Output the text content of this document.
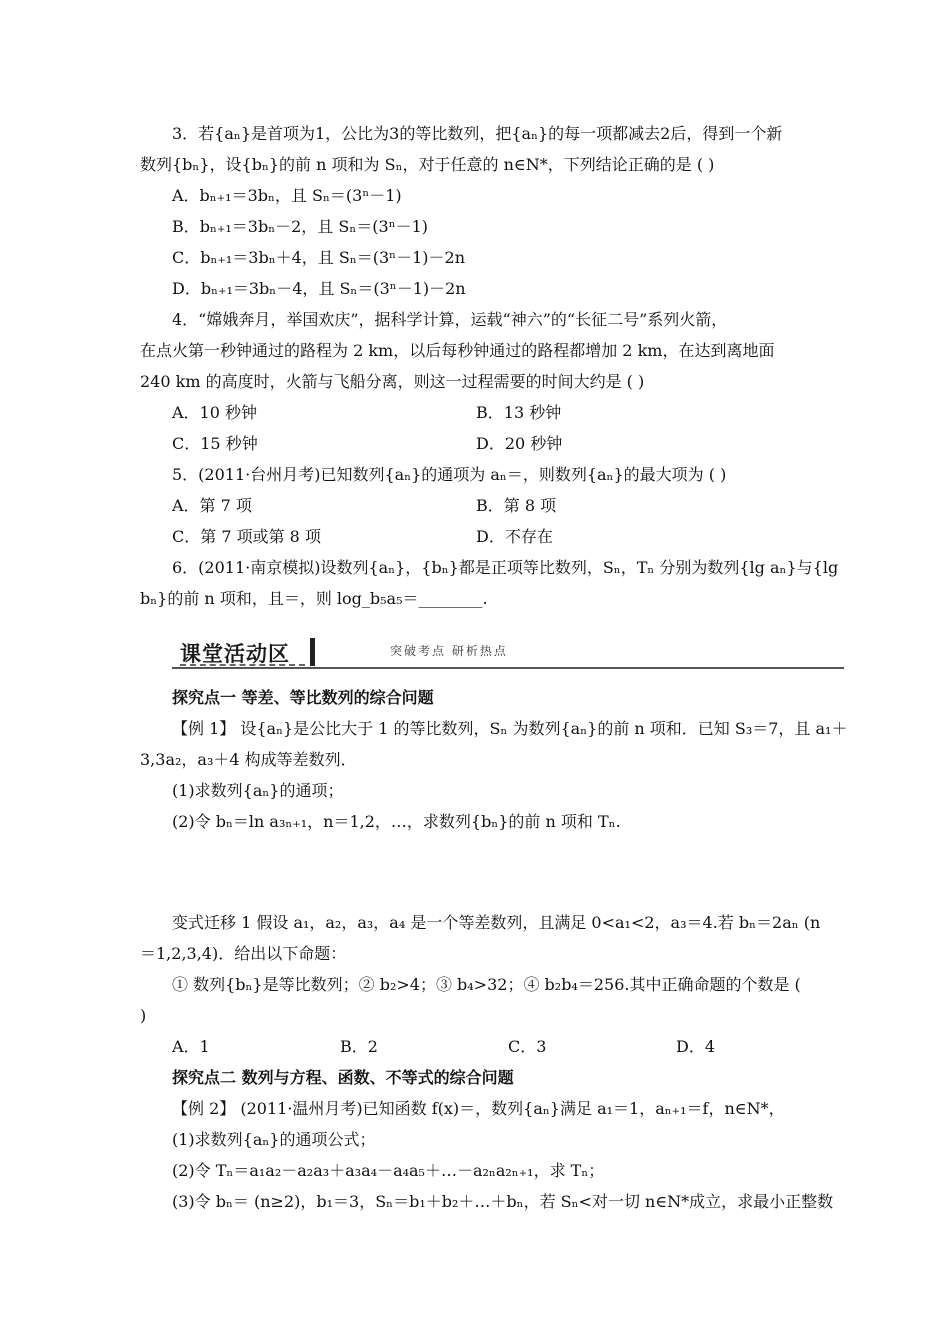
3．若{aₙ}是首项为1，公比为3的等比数列，把{aₙ}的每一项都减去2后，得到一个新
数列{bₙ}，设{bₙ}的前 n 项和为 Sₙ，对于任意的 n∈N*，下列结论正确的是 ( )
A．bₙ₊₁＝3bₙ，且 Sₙ＝(3ⁿ－1)
B．bₙ₊₁＝3bₙ－2，且 Sₙ＝(3ⁿ－1)
C．bₙ₊₁＝3bₙ＋4，且 Sₙ＝(3ⁿ－1)－2n
D．bₙ₊₁＝3bₙ－4，且 Sₙ＝(3ⁿ－1)－2n
4．“嫦娥奔月，举国欢庆”，据科学计算，运载“神六”的“长征二号”系列火箭，
在点火第一秒钟通过的路程为 2 km，以后每秒钟通过的路程都增加 2 km，在达到离地面
240 km 的高度时，火箭与飞船分离，则这一过程需要的时间大约是 ( )
A．10 秒钟	B．13 秒钟
C．15 秒钟	D．20 秒钟
5．(2011·台州月考)已知数列{aₙ}的通项为 aₙ＝，则数列{aₙ}的最大项为 ( )
A．第 7 项	B．第 8 项
C．第 7 项或第 8 项	D．不存在
6．(2011·南京模拟)设数列{aₙ}，{bₙ}都是正项等比数列，Sₙ，Tₙ 分别为数列{lg aₙ}与{lg
bₙ}的前 n 项和，且＝，则 log_b₅a₅＝________.
探究点一 等差、等比数列的综合问题
【例 1】 设{aₙ}是公比大于 1 的等比数列，Sₙ 为数列{aₙ}的前 n 项和．已知 S₃＝7，且 a₁＋
3,3a₂，a₃＋4 构成等差数列．
(1)求数列{aₙ}的通项；
(2)令 bₙ＝ln a₃ₙ₊₁，n＝1,2，…，求数列{bₙ}的前 n 项和 Tₙ.
变式迁移 1 假设 a₁，a₂，a₃，a₄ 是一个等差数列，且满足 0<a₁<2，a₃＝4.若 bₙ＝2aₙ (n
＝1,2,3,4)．给出以下命题：
① 数列{bₙ}是等比数列；② b₂>4；③ b₄>32；④ b₂b₄＝256.其中正确命题的个数是 (
)
A．1	B．2	C．3	D．4
探究点二 数列与方程、函数、不等式的综合问题
【例 2】 (2011·温州月考)已知函数 f(x)＝，数列{aₙ}满足 a₁＝1，aₙ₊₁＝f，n∈N*，
(1)求数列{aₙ}的通项公式；
(2)令 Tₙ＝a₁a₂－a₂a₃＋a₃a₄－a₄a₅＋…－a₂ₙa₂ₙ₊₁，求 Tₙ；
(3)令 bₙ＝ (n≥2)，b₁＝3，Sₙ＝b₁＋b₂＋…＋bₙ，若 Sₙ<对一切 n∈N*成立，求最小正整数
课堂活动区	突破考点 研析热点
